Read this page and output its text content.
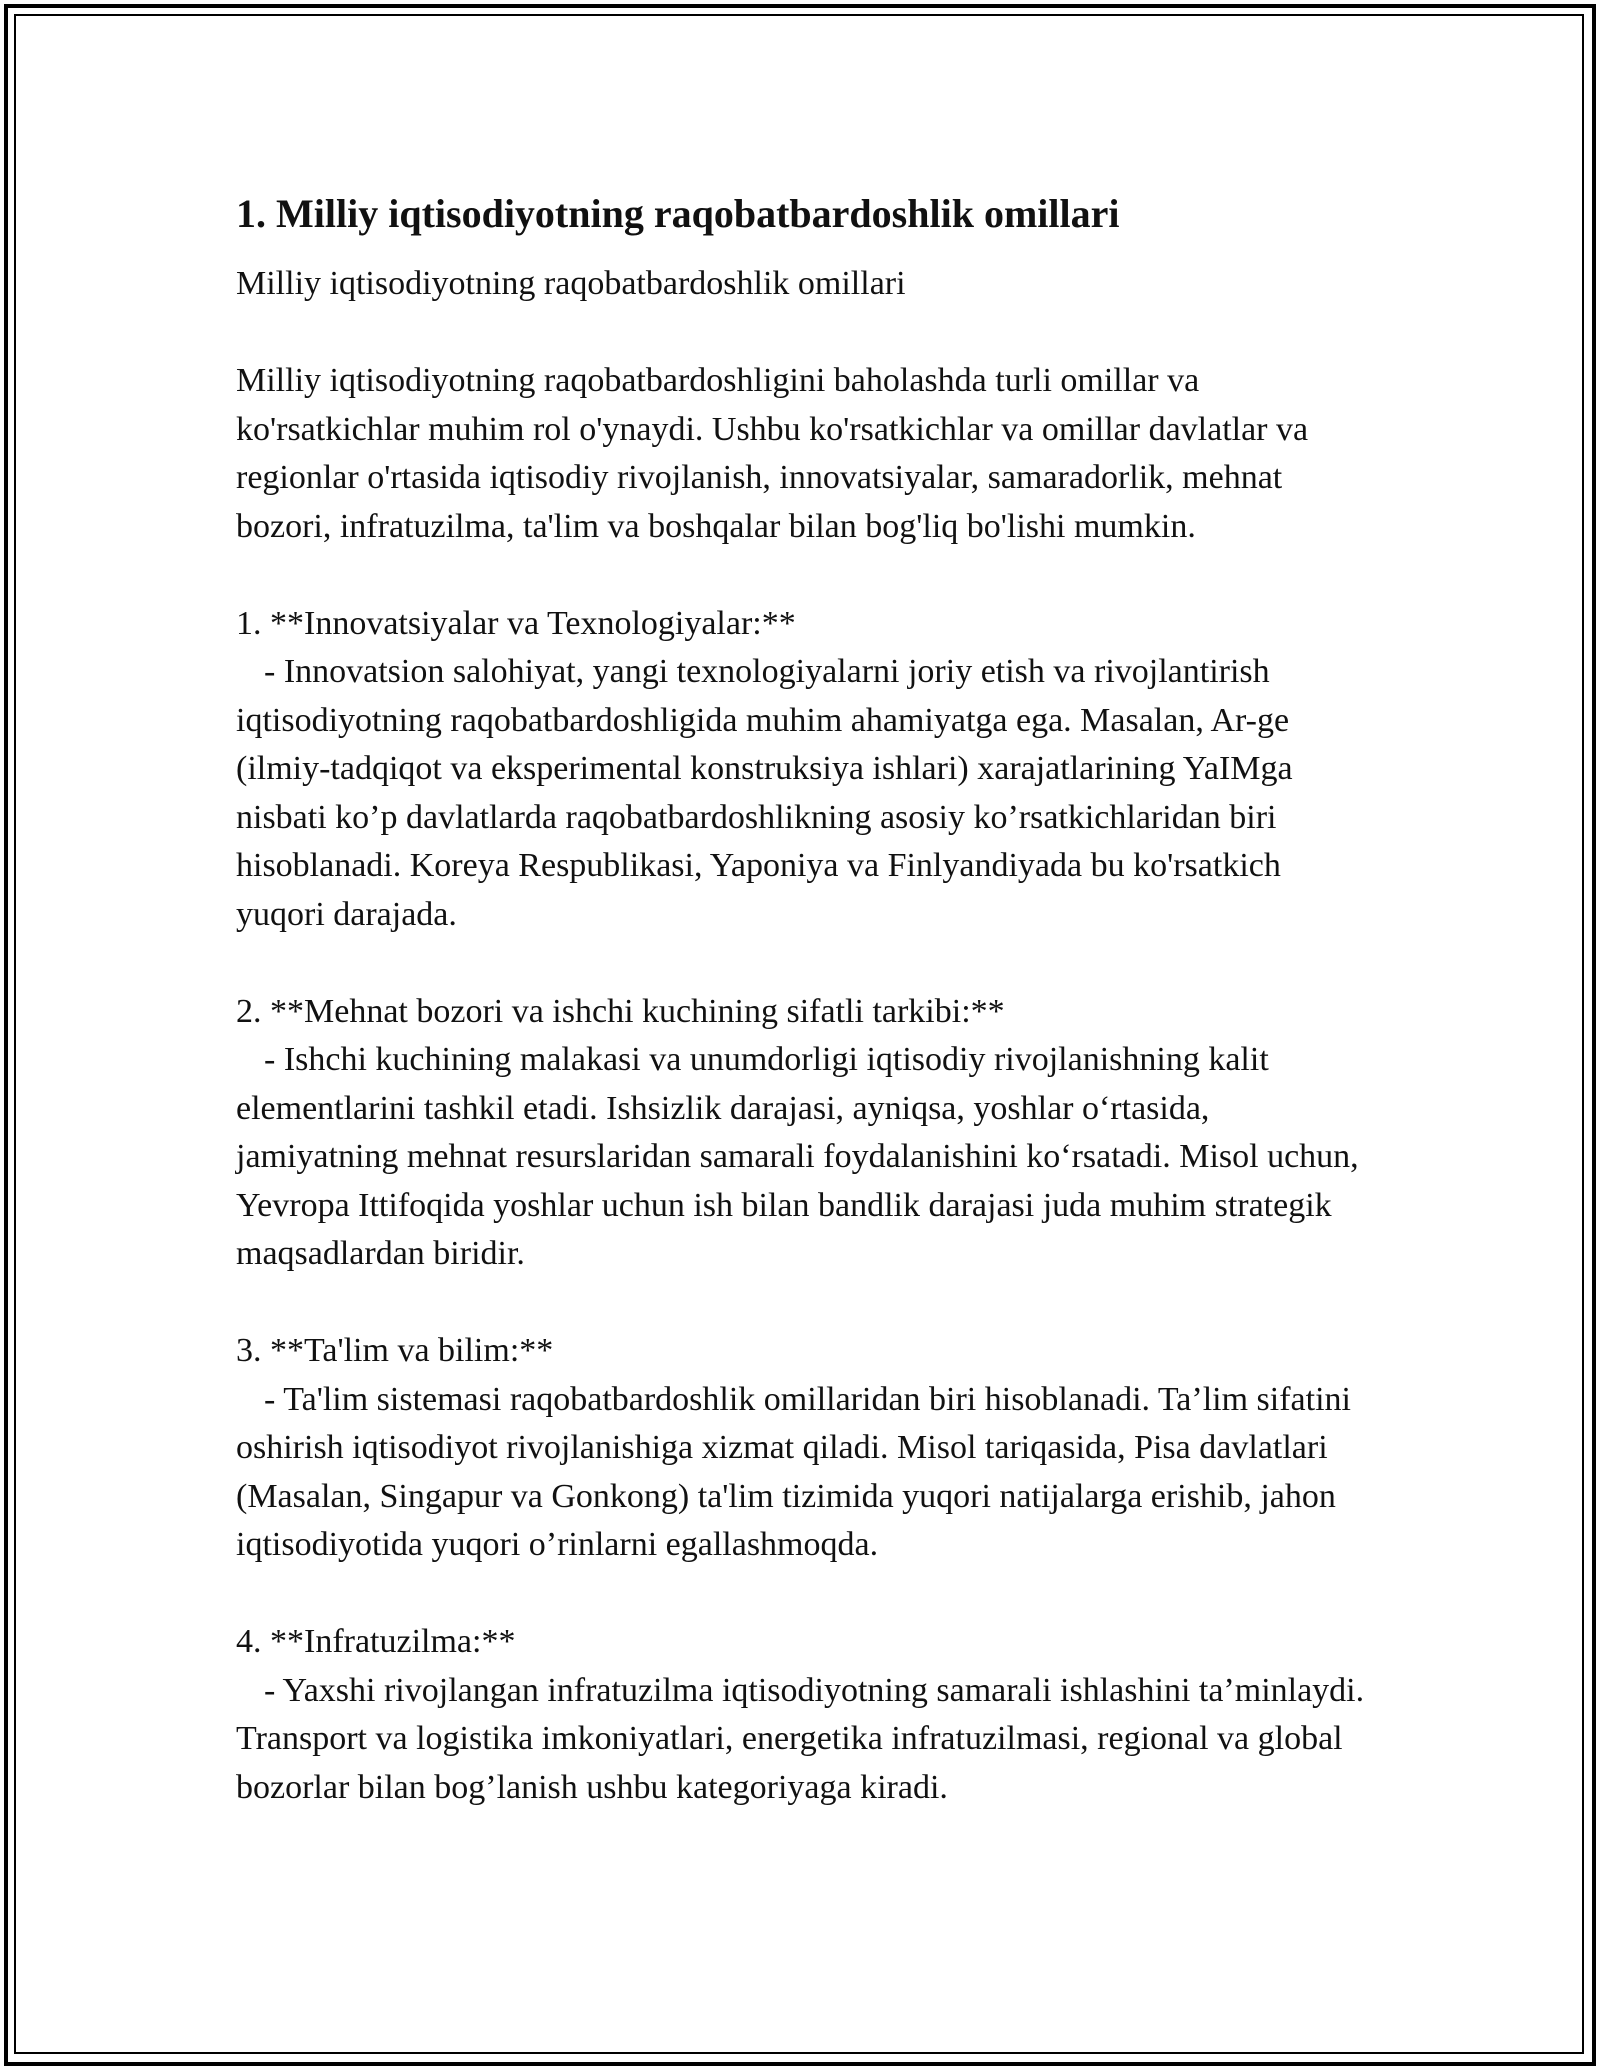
1. Milliy iqtisodiyotning raqobatbardoshlik omillari
Milliy iqtisodiyotning raqobatbardoshlik omillari
Milliy iqtisodiyotning raqobatbardoshligini baholashda turli omillar va ko'rsatkichlar muhim rol o'ynaydi. Ushbu ko'rsatkichlar va omillar davlatlar va regionlar o'rtasida iqtisodiy rivojlanish, innovatsiyalar, samaradorlik, mehnat bozori, infratuzilma, ta'lim va boshqalar bilan bog'liq bo'lishi mumkin.
1. **Innovatsiyalar va Texnologiyalar:**
- Innovatsion salohiyat, yangi texnologiyalarni joriy etish va rivojlantirish iqtisodiyotning raqobatbardoshligida muhim ahamiyatga ega. Masalan, Ar-ge (ilmiy-tadqiqot va eksperimental konstruksiya ishlari) xarajatlarining YaIMga nisbati ko’p davlatlarda raqobatbardoshlikning asosiy ko’rsatkichlaridan biri hisoblanadi. Koreya Respublikasi, Yaponiya va Finlyandiyada bu ko'rsatkich yuqori darajada.
2. **Mehnat bozori va ishchi kuchining sifatli tarkibi:**
- Ishchi kuchining malakasi va unumdorligi iqtisodiy rivojlanishning kalit elementlarini tashkil etadi. Ishsizlik darajasi, ayniqsa, yoshlar o‘rtasida, jamiyatning mehnat resurslaridan samarali foydalanishini ko‘rsatadi. Misol uchun, Yevropa Ittifoqida yoshlar uchun ish bilan bandlik darajasi juda muhim strategik maqsadlardan biridir.
3. **Ta'lim va bilim:**
- Ta'lim sistemasi raqobatbardoshlik omillaridan biri hisoblanadi. Ta’lim sifatini oshirish iqtisodiyot rivojlanishiga xizmat qiladi. Misol tariqasida, Pisa davlatlari (Masalan, Singapur va Gonkong) ta'lim tizimida yuqori natijalarga erishib, jahon iqtisodiyotida yuqori o’rinlarni egallashmoqda.
4. **Infratuzilma:**
- Yaxshi rivojlangan infratuzilma iqtisodiyotning samarali ishlashini ta’minlaydi. Transport va logistika imkoniyatlari, energetika infratuzilmasi, regional va global bozorlar bilan bog’lanish ushbu kategoriyaga kiradi.
